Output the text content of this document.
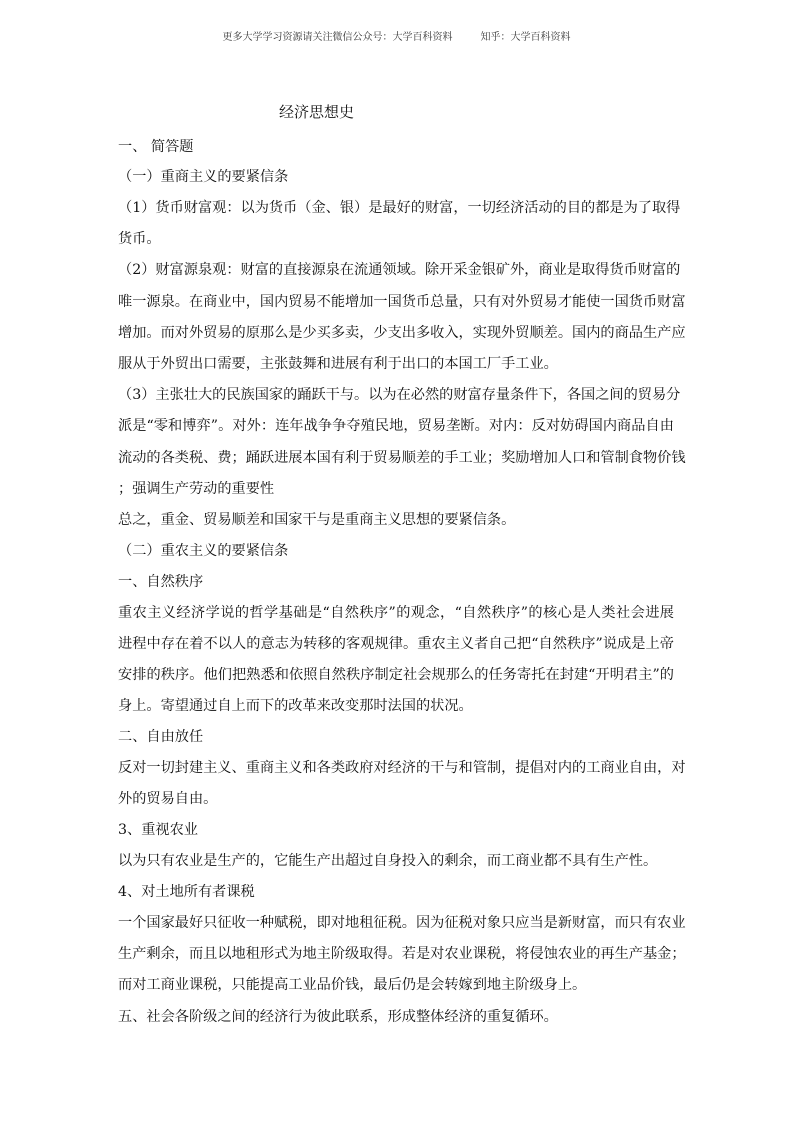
更多大学学习资源请关注微信公众号：大学百科资料	知乎：大学百科资料
经济思想史
一、 简答题
（一）重商主义的要紧信条
（1）货币财富观：以为货币（金、银）是最好的财富，一切经济活动的目的都是为了取得
货币。
（2）财富源泉观：财富的直接源泉在流通领域。除开采金银矿外，商业是取得货币财富的
唯一源泉。在商业中，国内贸易不能增加一国货币总量，只有对外贸易才能使一国货币财富
增加。而对外贸易的原那么是少买多卖，少支出多收入，实现外贸顺差。国内的商品生产应
服从于外贸出口需要，主张鼓舞和进展有利于出口的本国工厂手工业。
（3）主张壮大的民族国家的踊跃干与。以为在必然的财富存量条件下，各国之间的贸易分
派是“零和博弈”。对外：连年战争争夺殖民地，贸易垄断。对内：反对妨碍国内商品自由
流动的各类税、费；踊跃进展本国有利于贸易顺差的手工业；奖励增加人口和管制食物价钱
；强调生产劳动的重要性
总之，重金、贸易顺差和国家干与是重商主义思想的要紧信条。
（二）重农主义的要紧信条
一、自然秩序
重农主义经济学说的哲学基础是“自然秩序”的观念，“自然秩序”的核心是人类社会进展
进程中存在着不以人的意志为转移的客观规律。重农主义者自己把“自然秩序”说成是上帝
安排的秩序。他们把熟悉和依照自然秩序制定社会规那么的任务寄托在封建“开明君主”的
身上。寄望通过自上而下的改革来改变那时法国的状况。
二、自由放任
反对一切封建主义、重商主义和各类政府对经济的干与和管制，提倡对内的工商业自由，对
外的贸易自由。
3、重视农业
以为只有农业是生产的，它能生产出超过自身投入的剩余，而工商业都不具有生产性。
4、对土地所有者课税
一个国家最好只征收一种赋税，即对地租征税。因为征税对象只应当是新财富，而只有农业
生产剩余，而且以地租形式为地主阶级取得。若是对农业课税，将侵蚀农业的再生产基金；
而对工商业课税，只能提高工业品价钱，最后仍是会转嫁到地主阶级身上。
五、社会各阶级之间的经济行为彼此联系，形成整体经济的重复循环。
